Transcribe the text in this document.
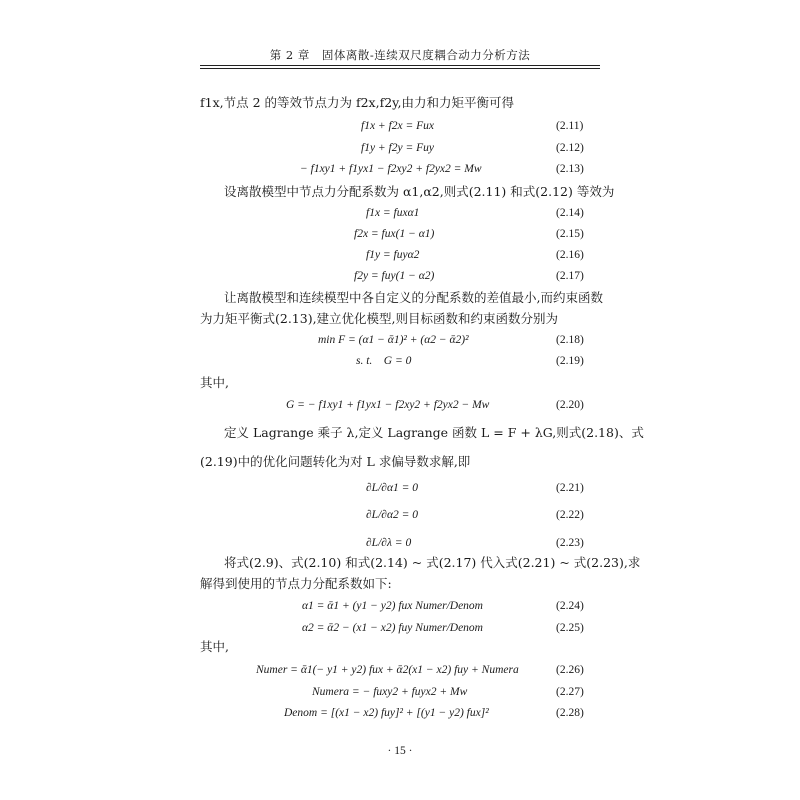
第 2 章　固体离散-连续双尺度耦合动力分析方法
f1x,节点 2 的等效节点力为 f2x,f2y,由力和力矩平衡可得
设离散模型中节点力分配系数为 α1,α2,则式(2.11) 和式(2.12) 等效为
让离散模型和连续模型中各自定义的分配系数的差值最小,而约束函数
为力矩平衡式(2.13),建立优化模型,则目标函数和约束函数分别为
其中,
定义 Lagrange 乘子 λ,定义 Lagrange 函数 L = F + λG,则式(2.18)、式
(2.19)中的优化问题转化为对 L 求偏导数求解,即
将式(2.9)、式(2.10) 和式(2.14) ~ 式(2.17) 代入式(2.21) ~ 式(2.23),求
解得到使用的节点力分配系数如下:
其中,
f1x + f2x = Fux	(2.11)
f1y + f2y = Fuy	(2.12)
− f1xy1 + f1yx1 − f2xy2 + f2yx2 = Mw	(2.13)
f1x = fuxα1	(2.14)
f2x = fux(1 − α1)	(2.15)
f1y = fuyα2	(2.16)
f2y = fuy(1 − α2)	(2.17)
min F = (α1 − ᾱ1)² + (α2 − ᾱ2)²	(2.18)
s. t.　G = 0	(2.19)
G = − f1xy1 + f1yx1 − f2xy2 + f2yx2 − Mw	(2.20)
∂L/∂α1 = 0	(2.21)
∂L/∂α2 = 0	(2.22)
∂L/∂λ = 0	(2.23)
α1 = ᾱ1 + (y1 − y2) fux Numer/Denom	(2.24)
α2 = ᾱ2 − (x1 − x2) fuy Numer/Denom	(2.25)
Numer = ᾱ1(− y1 + y2) fux + ᾱ2(x1 − x2) fuy + Numera	(2.26)
Numera = − fuxy2 + fuyx2 + Mw	(2.27)
Denom = [(x1 − x2) fuy]² + [(y1 − y2) fux]²	(2.28)
· 15 ·
